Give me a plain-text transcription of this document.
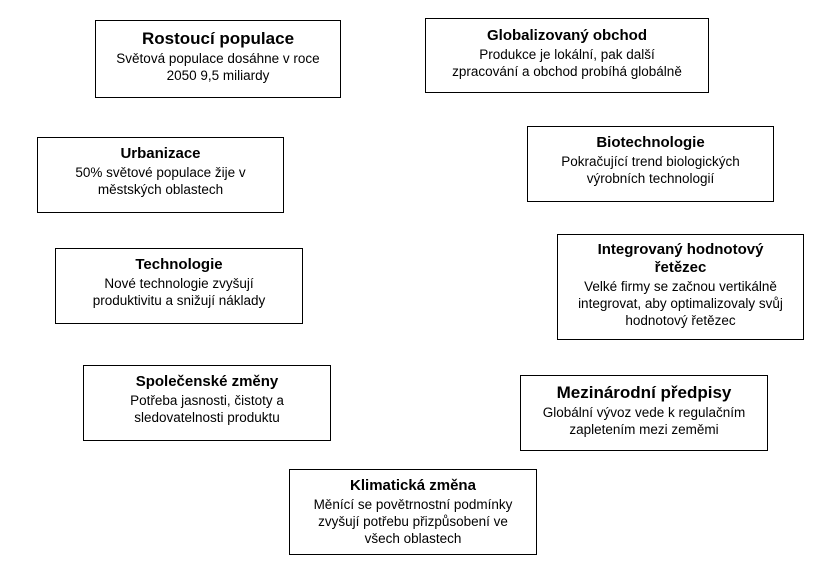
Rostoucí populace
Světová populace dosáhne v roce 2050 9,5 miliardy
Globalizovaný obchod
Produkce je lokální, pak další zpracování a obchod probíhá globálně
Urbanizace
50% světové populace žije v městských oblastech
Biotechnologie
Pokračující trend biologických výrobních technologií
Technologie
Nové technologie zvyšují produktivitu a snižují náklady
Integrovaný hodnotový řetězec
Velké firmy se začnou vertikálně integrovat, aby optimalizovaly svůj hodnotový řetězec
Společenské změny
Potřeba jasnosti, čistoty a sledovatelnosti produktu
Mezinárodní předpisy
Globální vývoz vede k regulačním zapletením mezi zeměmi
Klimatická změna
Měnící se povětrnostní podmínky zvyšují potřebu přizpůsobení ve všech oblastech
